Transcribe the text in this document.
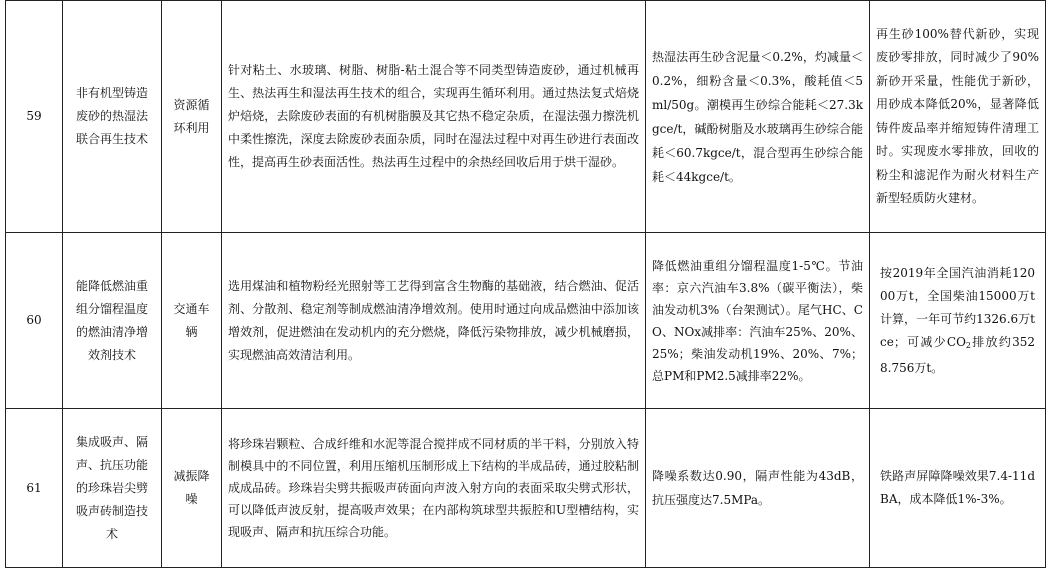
59	非有机型铸造废砂的热湿法联合再生技术	资源循环利用	针对粘土、水玻璃、树脂、树脂-粘土混合等不同类型铸造废砂，通过机械再生、热法再生和湿法再生技术的组合，实现再生循环利用。通过热法复式焙烧炉焙烧，去除废砂表面的有机树脂膜及其它热不稳定杂质，在湿法强力擦洗机中柔性擦洗，深度去除废砂表面杂质，同时在湿法过程中对再生砂进行表面改性，提高再生砂表面活性。热法再生过程中的余热经回收后用于烘干湿砂。	热湿法再生砂含泥量＜0.2%，灼减量＜0.2%，细粉含量＜0.3%，酸耗值＜5ml/50g。潮模再生砂综合能耗＜27.3kgce/t，碱酚树脂及水玻璃再生砂综合能耗＜60.7kgce/t，混合型再生砂综合能耗＜44kgce/t。	再生砂100%替代新砂，实现废砂零排放，同时减少了90%新砂开采量，性能优于新砂，用砂成本降低20%，显著降低铸件废品率并缩短铸件清理工时。实现废水零排放，回收的粉尘和滤泥作为耐火材料生产新型轻质防火建材。
60	能降低燃油重组分馏程温度的燃油清净增效剂技术	交通车辆	选用煤油和植物粉经光照射等工艺得到富含生物酶的基础液，结合燃油、促活剂、分散剂、稳定剂等制成燃油清净增效剂。使用时通过向成品燃油中添加该增效剂，促进燃油在发动机内的充分燃烧，降低污染物排放，减少机械磨损，实现燃油高效清洁利用。	降低燃油重组分馏程温度1-5℃。节油率：京六汽油车3.8%（碳平衡法），柴油发动机3%（台架测试）。尾气HC、CO、NOx减排率：汽油车25%、20%、25%；柴油发动机19%、20%、7%；总PM和PM2.5减排率22%。	按2019年全国汽油消耗12000万t，全国柴油15000万t计算，一年可节约1326.6万tce；可减少$CO_2$排放约3528.756万t。
61	集成吸声、隔声、抗压功能的珍珠岩尖劈吸声砖制造技术	减振降噪	将珍珠岩颗粒、合成纤维和水泥等混合搅拌成不同材质的半干料，分别放入特制模具中的不同位置，利用压缩机压制形成上下结构的半成品砖，通过胶粘制成成品砖。珍珠岩尖劈共振吸声砖面向声波入射方向的表面采取尖劈式形状，可以降低声波反射，提高吸声效果；在内部构筑球型共振腔和U型槽结构，实现吸声、隔声和抗压综合功能。	降噪系数达0.90，隔声性能为43dB，抗压强度达7.5MPa。	铁路声屏障降噪效果7.4-11dBA，成本降低1%-3%。
